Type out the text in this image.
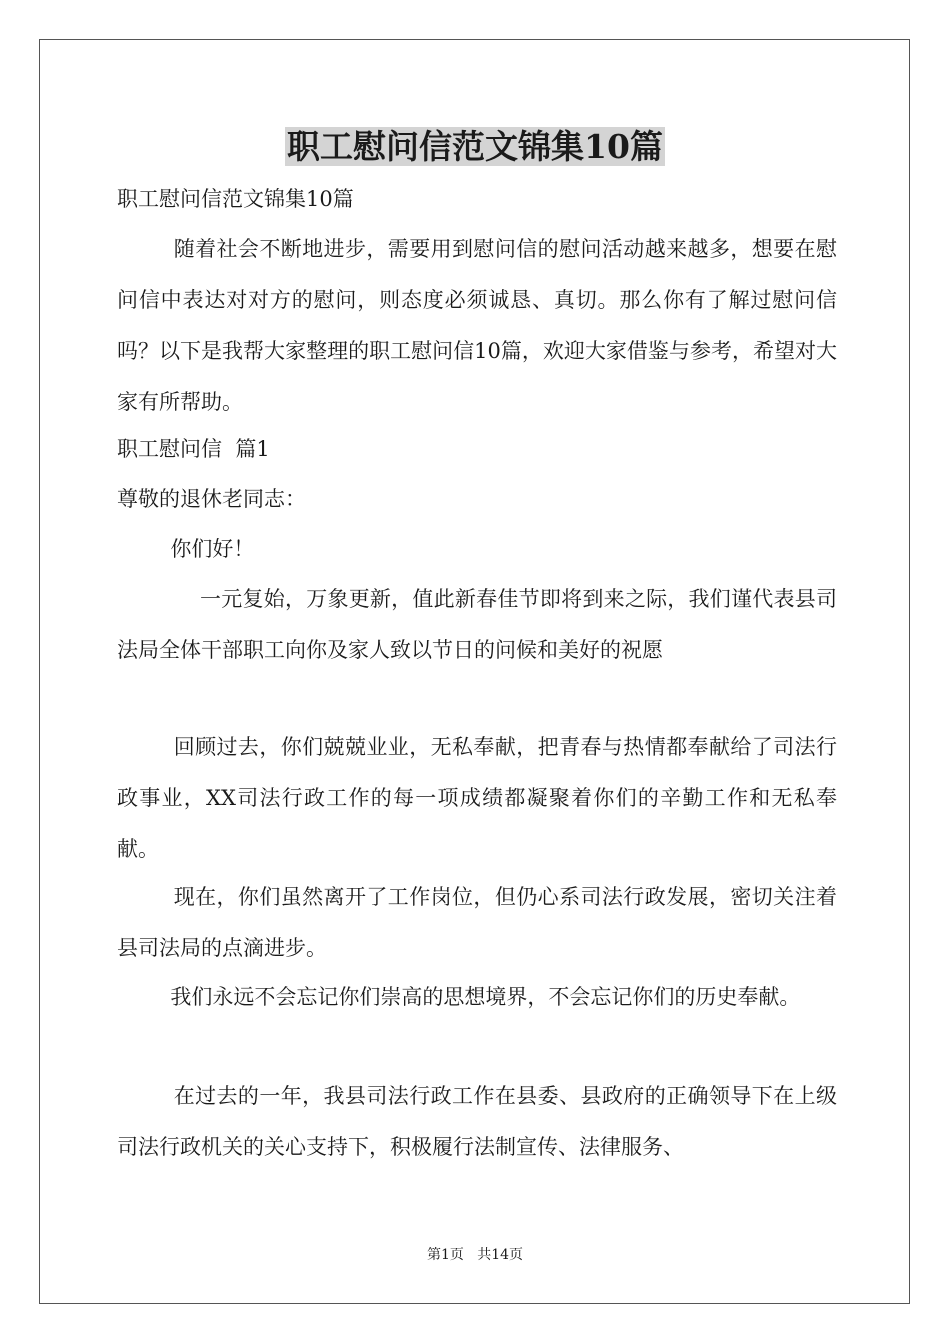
职工慰问信范文锦集10篇
职工慰问信范文锦集10篇
随着社会不断地进步，需要用到慰问信的慰问活动越来越多，想要在慰问信中表达对对方的慰问，则态度必须诚恳、真切。那么你有了解过慰问信吗？以下是我帮大家整理的职工慰问信10篇，欢迎大家借鉴与参考，希望对大家有所帮助。
职工慰问信  篇1
尊敬的退休老同志：
你们好！
一元复始，万象更新，值此新春佳节即将到来之际，我们谨代表县司法局全体干部职工向你及家人致以节日的问候和美好的祝愿
回顾过去，你们兢兢业业，无私奉献，把青春与热情都奉献给了司法行政事业，XX司法行政工作的每一项成绩都凝聚着你们的辛勤工作和无私奉献。
现在，你们虽然离开了工作岗位，但仍心系司法行政发展，密切关注着县司法局的点滴进步。
我们永远不会忘记你们崇高的思想境界，不会忘记你们的历史奉献。
在过去的一年，我县司法行政工作在县委、县政府的正确领导下在上级司法行政机关的关心支持下，积极履行法制宣传、法律服务、
第1页   共14页
